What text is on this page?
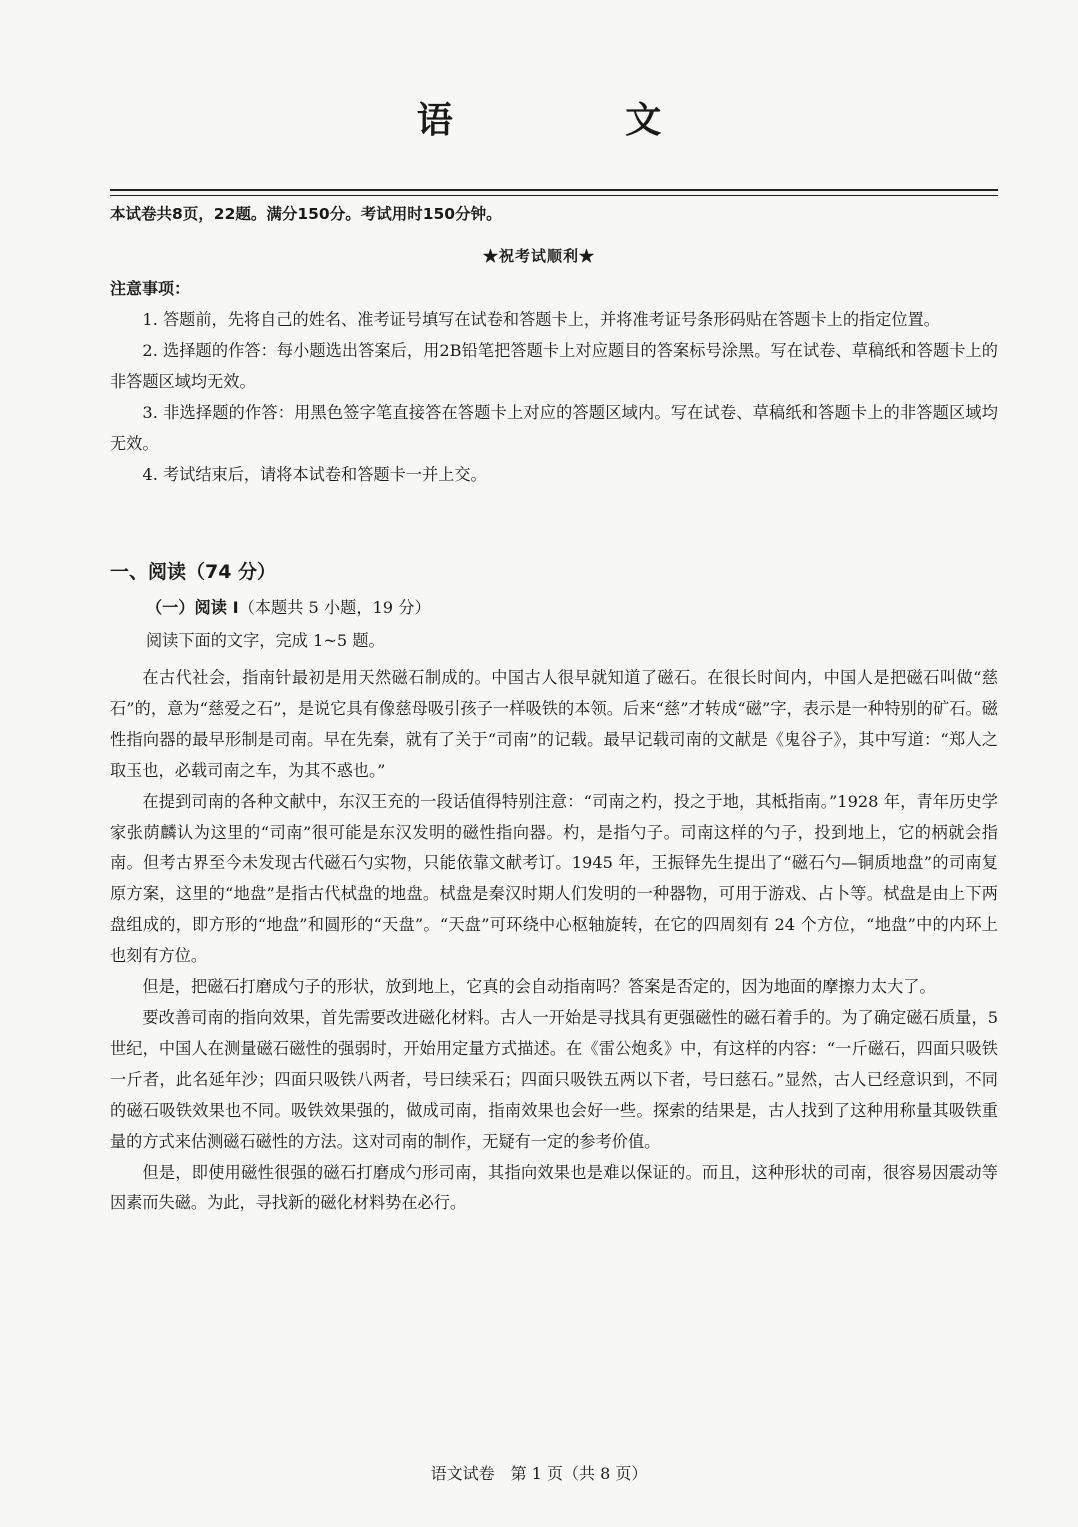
语 文
本试卷共8页，22题。满分150分。考试用时150分钟。
★祝考试顺利★
注意事项：

1. 答题前，先将自己的姓名、准考证号填写在试卷和答题卡上，并将准考证号条形码贴在答题卡上的指定位置。

2. 选择题的作答：每小题选出答案后，用2B铅笔把答题卡上对应题目的答案标号涂黑。写在试卷、草稿纸和答题卡上的非答题区域均无效。

3. 非选择题的作答：用黑色签字笔直接答在答题卡上对应的答题区域内。写在试卷、草稿纸和答题卡上的非答题区域均无效。

4. 考试结束后，请将本试卷和答题卡一并上交。

一、阅读（74 分）
（一）阅读 I（本题共 5 小题，19 分）
阅读下面的文字，完成 1~5 题。

在古代社会，指南针最初是用天然磁石制成的。中国古人很早就知道了磁石。在很长时间内，中国人是把磁石叫做“慈石”的，意为“慈爱之石”，是说它具有像慈母吸引孩子一样吸铁的本领。后来“慈”才转成“磁”字，表示是一种特别的矿石。磁性指向器的最早形制是司南。早在先秦，就有了关于“司南”的记载。最早记载司南的文献是《鬼谷子》，其中写道：“郑人之取玉也，必载司南之车，为其不惑也。”

在提到司南的各种文献中，东汉王充的一段话值得特别注意：“司南之杓，投之于地，其柢指南。”1928 年，青年历史学家张荫麟认为这里的“司南”很可能是东汉发明的磁性指向器。杓，是指勺子。司南这样的勺子，投到地上，它的柄就会指南。但考古界至今未发现古代磁石勺实物，只能依靠文献考订。1945 年，王振铎先生提出了“磁石勺—铜质地盘”的司南复原方案，这里的“地盘”是指古代栻盘的地盘。栻盘是秦汉时期人们发明的一种器物，可用于游戏、占卜等。栻盘是由上下两盘组成的，即方形的“地盘”和圆形的“天盘”。“天盘”可环绕中心枢轴旋转，在它的四周刻有 24 个方位，“地盘”中的内环上也刻有方位。

但是，把磁石打磨成勺子的形状，放到地上，它真的会自动指南吗？答案是否定的，因为地面的摩擦力太大了。

要改善司南的指向效果，首先需要改进磁化材料。古人一开始是寻找具有更强磁性的磁石着手的。为了确定磁石质量，5 世纪，中国人在测量磁石磁性的强弱时，开始用定量方式描述。在《雷公炮炙》中，有这样的内容：“一斤磁石，四面只吸铁一斤者，此名延年沙；四面只吸铁八两者，号曰续采石；四面只吸铁五两以下者，号曰慈石。”显然，古人已经意识到，不同的磁石吸铁效果也不同。吸铁效果强的，做成司南，指南效果也会好一些。探索的结果是，古人找到了这种用称量其吸铁重量的方式来估测磁石磁性的方法。这对司南的制作，无疑有一定的参考价值。

但是，即使用磁性很强的磁石打磨成勺形司南，其指向效果也是难以保证的。而且，这种形状的司南，很容易因震动等因素而失磁。为此，寻找新的磁化材料势在必行。

语文试卷　第 1 页（共 8 页）
